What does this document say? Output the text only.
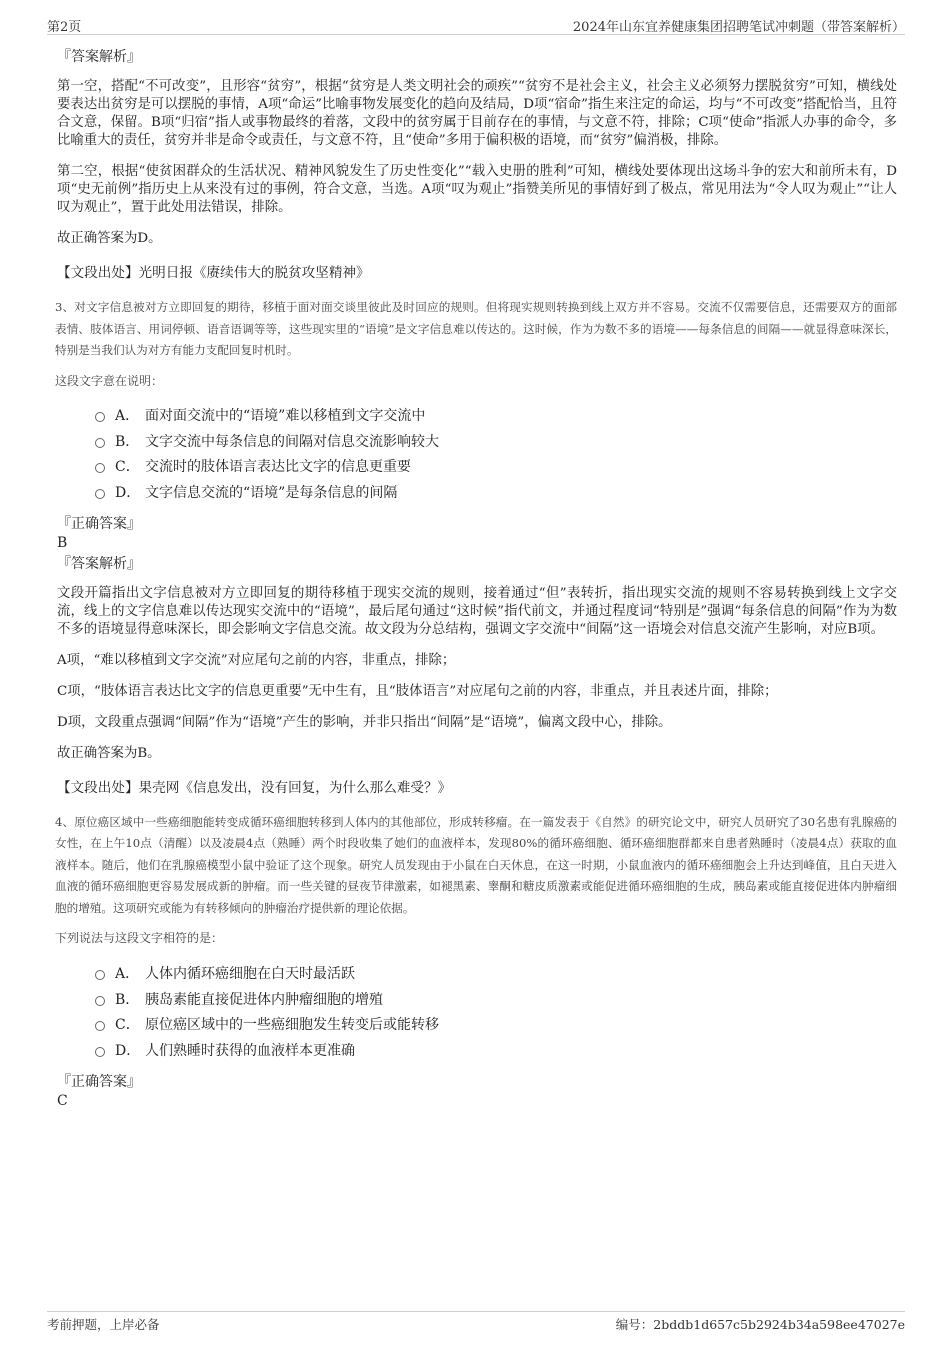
第2页	2024年山东宜养健康集团招聘笔试冲刺题（带答案解析）
『答案解析』

第一空，搭配“不可改变”，且形容“贫穷”，根据“贫穷是人类文明社会的顽疾”“贫穷不是社会主义，社会主义必须努力摆脱贫穷”可知，横线处要表达出贫穷是可以摆脱的事情，A项“命运”比喻事物发展变化的趋向及结局，D项“宿命”指生来注定的命运，均与“不可改变”搭配恰当，且符合文意，保留。B项“归宿”指人或事物最终的着落，文段中的贫穷属于目前存在的事情，与文意不符，排除；C项“使命”指派人办事的命令，多比喻重大的责任，贫穷并非是命令或责任，与文意不符，且“使命”多用于偏积极的语境，而“贫穷”偏消极，排除。

第二空，根据“使贫困群众的生活状况、精神风貌发生了历史性变化”“载入史册的胜利”可知，横线处要体现出这场斗争的宏大和前所未有，D项“史无前例”指历史上从来没有过的事例，符合文意，当选。A项“叹为观止”指赞美所见的事情好到了极点，常见用法为“令人叹为观止”“让人叹为观止”，置于此处用法错误，排除。

故正确答案为D。

【文段出处】光明日报《赓续伟大的脱贫攻坚精神》
3、对文字信息被对方立即回复的期待，移植于面对面交谈里彼此及时回应的规则。但将现实规则转换到线上双方并不容易。交流不仅需要信息，还需要双方的面部表情、肢体语言、用词停顿、语音语调等等，这些现实里的“语境”是文字信息难以传达的。这时候，作为为数不多的语境——每条信息的间隔——就显得意味深长，特别是当我们认为对方有能力支配回复时机时。
这段文字意在说明：
A． 面对面交流中的“语境”难以移植到文字交流中
B． 文字交流中每条信息的间隔对信息交流影响较大
C． 交流时的肢体语言表达比文字的信息更重要
D． 文字信息交流的“语境”是每条信息的间隔
『正确答案』
B
『答案解析』

文段开篇指出文字信息被对方立即回复的期待移植于现实交流的规则，接着通过“但”表转折，指出现实交流的规则不容易转换到线上文字交流，线上的文字信息难以传达现实交流中的“语境”，最后尾句通过“这时候”指代前文，并通过程度词“特别是”强调“每条信息的间隔”作为为数不多的语境显得意味深长，即会影响文字信息交流。故文段为分总结构，强调文字交流中“间隔”这一语境会对信息交流产生影响，对应B项。

A项，“难以移植到文字交流”对应尾句之前的内容，非重点，排除；

C项，“肢体语言表达比文字的信息更重要”无中生有，且“肢体语言”对应尾句之前的内容，非重点，并且表述片面，排除；

D项，文段重点强调“间隔”作为“语境”产生的影响，并非只指出“间隔”是“语境”，偏离文段中心，排除。

故正确答案为B。

【文段出处】果壳网《信息发出，没有回复，为什么那么难受？》
4、原位癌区域中一些癌细胞能转变成循环癌细胞转移到人体内的其他部位，形成转移瘤。在一篇发表于《自然》的研究论文中，研究人员研究了30名患有乳腺癌的女性，在上午10点（清醒）以及凌晨4点（熟睡）两个时段收集了她们的血液样本，发现80%的循环癌细胞、循环癌细胞群都来自患者熟睡时（凌晨4点）获取的血液样本。随后，他们在乳腺癌模型小鼠中验证了这个现象。研究人员发现由于小鼠在白天休息，在这一时期，小鼠血液内的循环癌细胞会上升达到峰值，且白天进入血液的循环癌细胞更容易发展成新的肿瘤。而一些关键的昼夜节律激素，如褪黑素、睾酮和糖皮质激素或能促进循环癌细胞的生成，胰岛素或能直接促进体内肿瘤细胞的增殖。这项研究或能为有转移倾向的肿瘤治疗提供新的理论依据。
下列说法与这段文字相符的是：
A． 人体内循环癌细胞在白天时最活跃
B． 胰岛素能直接促进体内肿瘤细胞的增殖
C． 原位癌区域中的一些癌细胞发生转变后或能转移
D． 人们熟睡时获得的血液样本更准确
『正确答案』
C
考前押题，上岸必备	编号：2bddb1d657c5b2924b34a598ee47027e
